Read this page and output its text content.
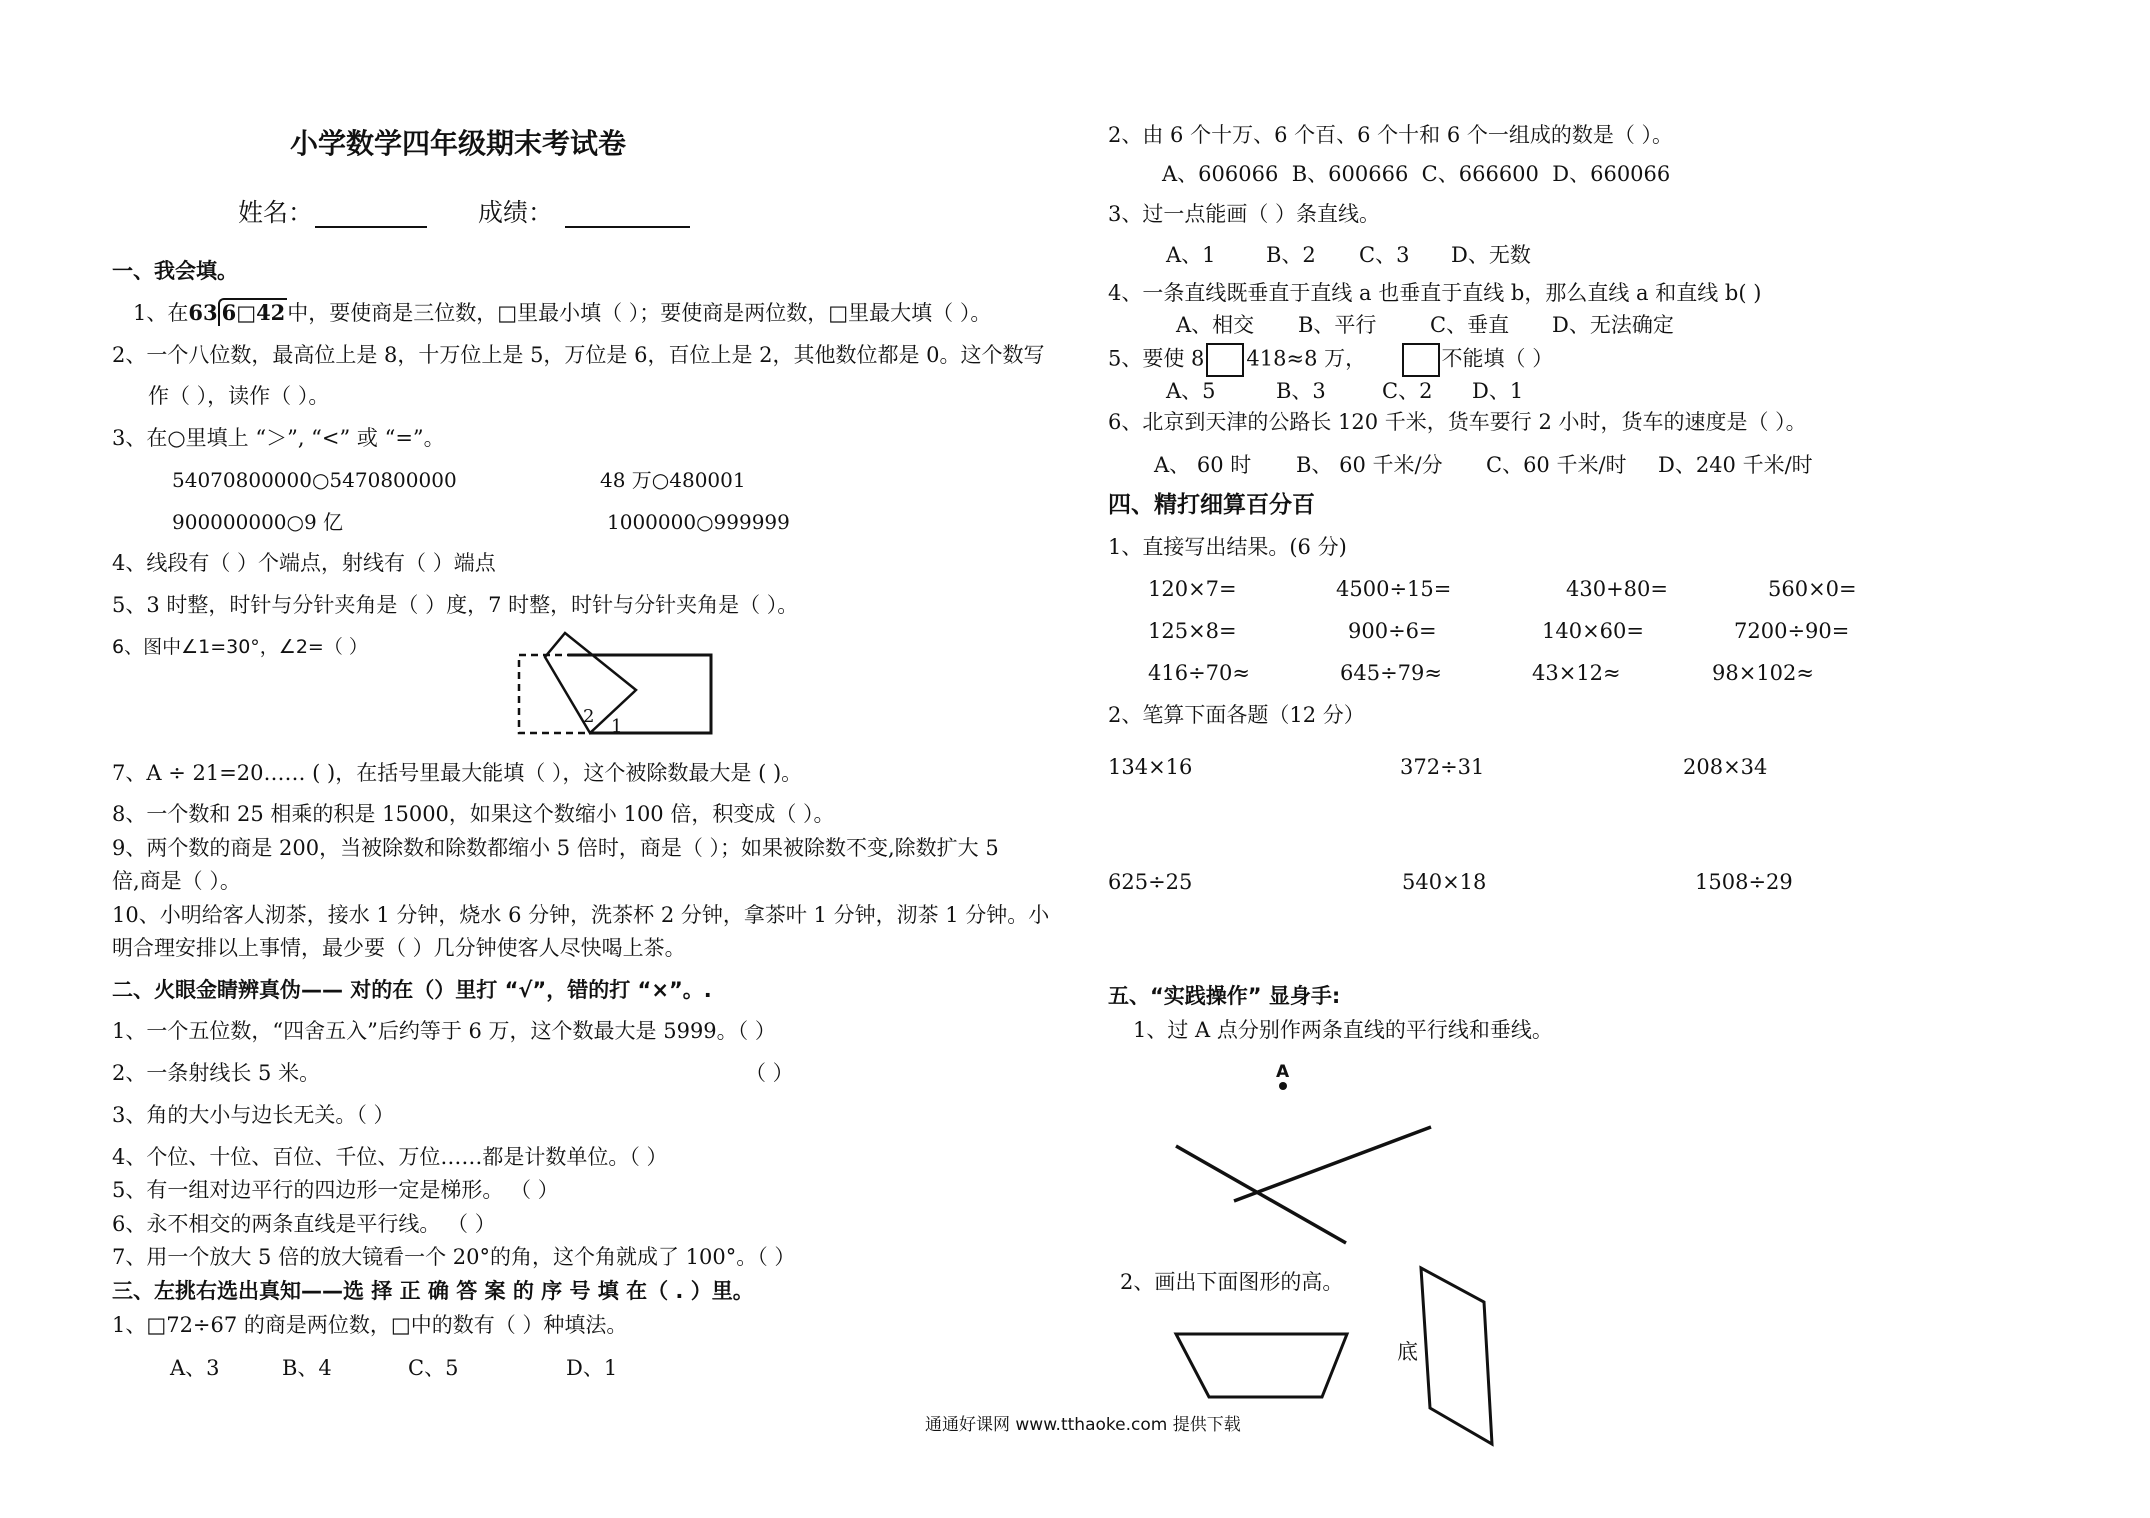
小学数学四年级期末考试卷
姓名：	成绩：
一、我会填。
1、在63 6□42中，要使商是三位数，□里最小填（ ）；要使商是两位数，□里最大填（ ）。
2、一个八位数，最高位上是 8，十万位上是 5，万位是 6，百位上是 2，其他数位都是 0。这个数写
作（ ），读作（ ）。
3、在○里填上 “＞”, “<” 或 “=”。
54070800000○5470800000	48 万○480001
900000000○9 亿	1000000○999999
4、线段有（ ）个端点，射线有（ ）端点
5、3 时整，时针与分针夹角是（ ）度，7 时整，时针与分针夹角是（ ）。
6、图中∠1=30°，∠2=（ ）
2 1
7、A ÷ 21=20…… ( )，在括号里最大能填（ ），这个被除数最大是 ( )。
8、一个数和 25 相乘的积是 15000，如果这个数缩小 100 倍，积变成（ ）。
9、两个数的商是 200，当被除数和除数都缩小 5 倍时，商是（ ）；如果被除数不变,除数扩大 5
倍,商是（ ）。
10、小明给客人沏茶，接水 1 分钟，烧水 6 分钟，洗茶杯 2 分钟，拿茶叶 1 分钟，沏茶 1 分钟。小
明合理安排以上事情，最少要（ ）几分钟使客人尽快喝上茶。
二、火眼金睛辨真伪—— 对的在（）里打 “√”，错的打 “×”。.
1、一个五位数，“四舍五入”后约等于 6 万，这个数最大是 5999。（ ）
2、一条射线长 5 米。	（ ）
3、角的大小与边长无关。（ ）
4、个位、十位、百位、千位、万位……都是计数单位。（ ）
5、有一组对边平行的四边形一定是梯形。 （ ）
6、永不相交的两条直线是平行线。 （ ）
7、用一个放大 5 倍的放大镜看一个 20°的角，这个角就成了 100°。（ ）
三、左挑右选出真知——选 择 正 确 答 案 的 序 号 填 在（ . ）里。
1、□72÷67 的商是两位数，□中的数有（ ）种填法。
A、3	B、4	C、5	D、1
2、由 6 个十万、6 个百、6 个十和 6 个一组成的数是（ ）。
A、606066 B、600666 C、666600 D、660066
3、过一点能画（ ）条直线。
A、1 B、2 C、3 D、无数
4、一条直线既垂直于直线 a 也垂直于直线 b，那么直线 a 和直线 b( )
A、相交 B、平行	C、垂直 D、无法确定
5、要使 8 418≈8 万，	不能填（ ）
A、5	B、3	C、2 D、1
6、北京到天津的公路长 120 千米，货车要行 2 小时，货车的速度是（ ）。
A、 60 时 B、 60 千米/分 C、60 千米/时 D、240 千米/时
四、精打细算百分百
1、直接写出结果。(6 分)
120×7=	4500÷15=	430+80=	560×0=
125×8=	900÷6=	140×60=	7200÷90=
416÷70≈	645÷79≈	43×12≈	98×102≈
2、笔算下面各题（12 分）
134×16	372÷31	208×34
625÷25	540×18	1508÷29
五、“实践操作” 显身手:
1、过 A 点分别作两条直线的平行线和垂线。
A
2、画出下面图形的高。
底
通通好课网 www.tthaoke.com 提供下载
